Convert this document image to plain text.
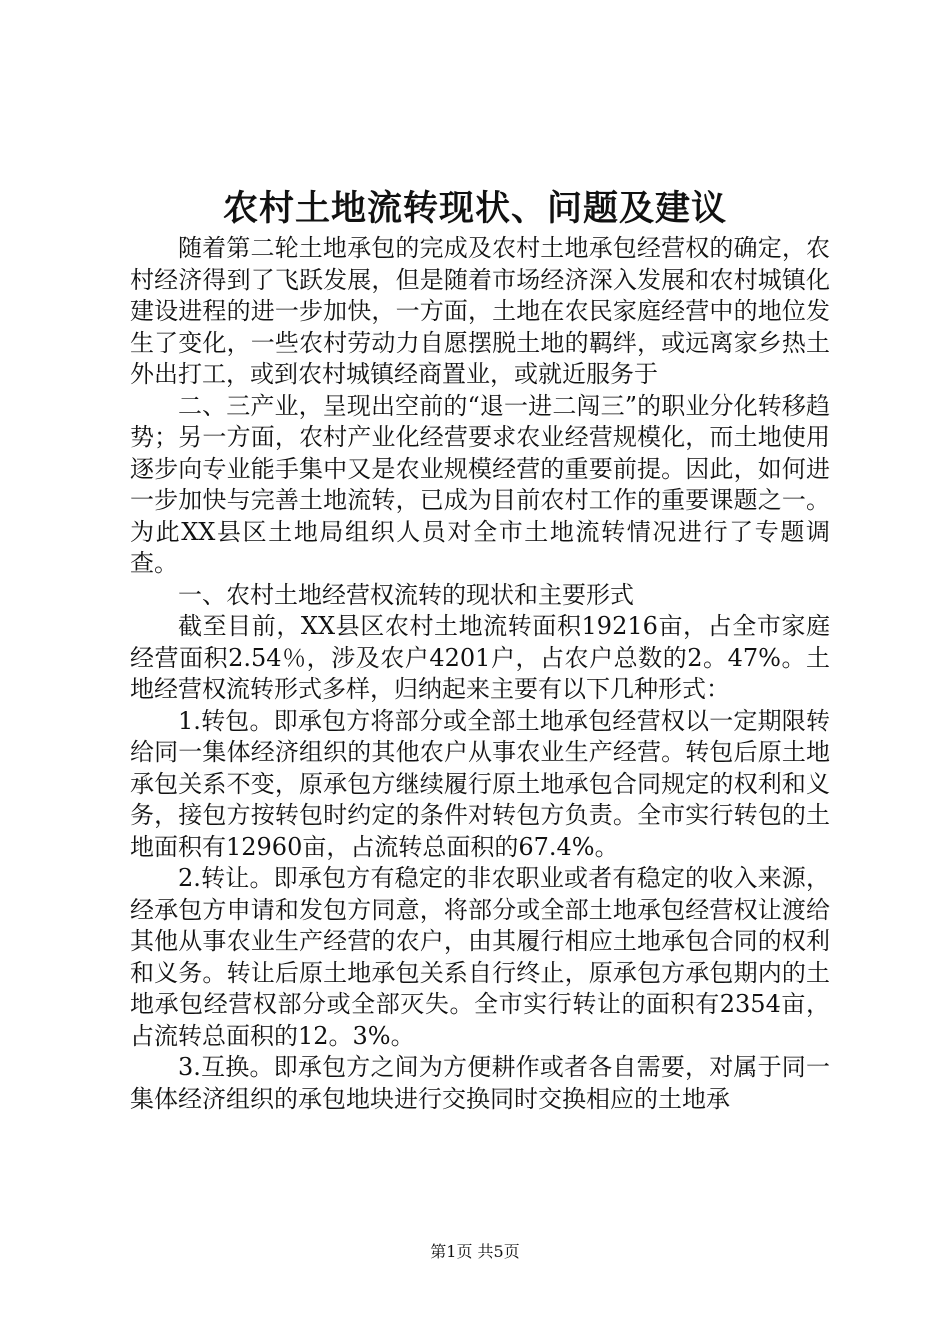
农村土地流转现状、问题及建议

随着第二轮土地承包的完成及农村土地承包经营权的确定，农村经济得到了飞跃发展，但是随着市场经济深入发展和农村城镇化建设进程的进一步加快，一方面，土地在农民家庭经营中的地位发生了变化，一些农村劳动力自愿摆脱土地的羁绊，或远离家乡热土外出打工，或到农村城镇经商置业，或就近服务于

二、三产业，呈现出空前的“退一进二闯三”的职业分化转移趋势；另一方面，农村产业化经营要求农业经营规模化，而土地使用逐步向专业能手集中又是农业规模经营的重要前提。因此，如何进一步加快与完善土地流转，已成为目前农村工作的重要课题之一。为此XX县区土地局组织人员对全市土地流转情况进行了专题调查。

一、农村土地经营权流转的现状和主要形式

截至目前，XX县区农村土地流转面积19216亩，占全市家庭经营面积2.54％，涉及农户4201户，占农户总数的2。47%。土地经营权流转形式多样，归纳起来主要有以下几种形式：

1.转包。即承包方将部分或全部土地承包经营权以一定期限转给同一集体经济组织的其他农户从事农业生产经营。转包后原土地承包关系不变，原承包方继续履行原土地承包合同规定的权利和义务，接包方按转包时约定的条件对转包方负责。全市实行转包的土地面积有12960亩，占流转总面积的67.4%。

2.转让。即承包方有稳定的非农职业或者有稳定的收入来源，经承包方申请和发包方同意，将部分或全部土地承包经营权让渡给其他从事农业生产经营的农户，由其履行相应土地承包合同的权利和义务。转让后原土地承包关系自行终止，原承包方承包期内的土地承包经营权部分或全部灭失。全市实行转让的面积有2354亩，占流转总面积的12。3%。

3.互换。即承包方之间为方便耕作或者各自需要，对属于同一集体经济组织的承包地块进行交换同时交换相应的土地承

第1页 共5页
